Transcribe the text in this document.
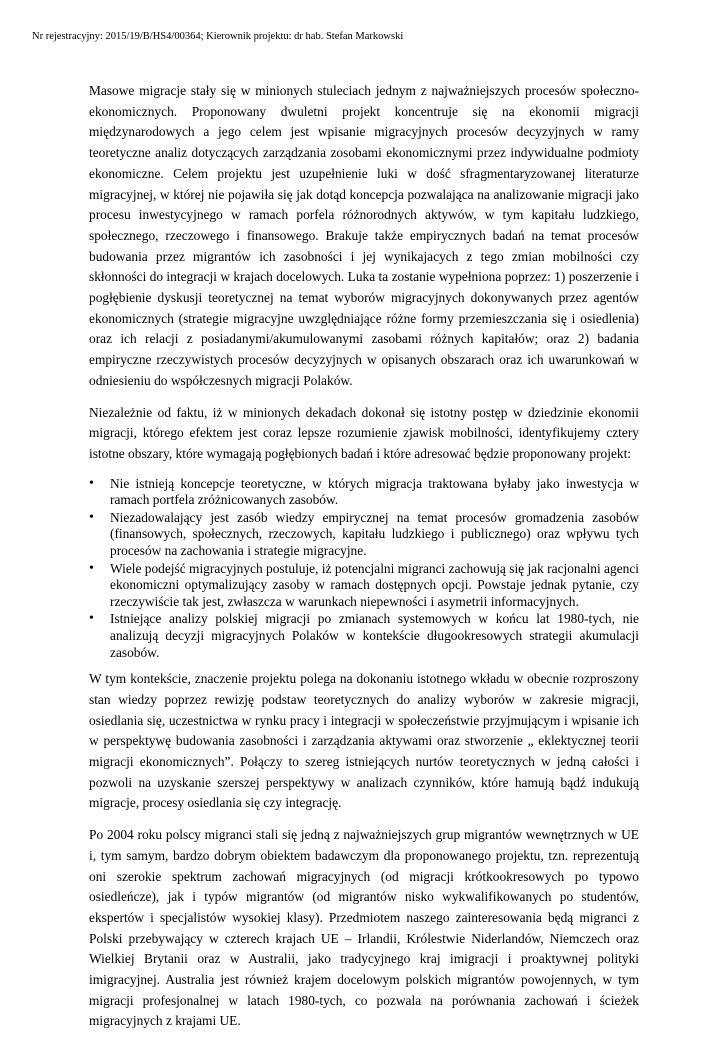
Nr rejestracyjny: 2015/19/B/HS4/00364; Kierownik projektu: dr hab. Stefan Markowski

Masowe migracje stały się w minionych stuleciach jednym z najważniejszych procesów społeczno-ekonomicznych. Proponowany dwuletni projekt koncentruje się na ekonomii migracji międzynarodowych a jego celem jest wpisanie migracyjnych procesów decyzyjnych w ramy teoretyczne analiz dotyczących zarządzania zosobami ekonomicznymi przez indywidualne podmioty ekonomiczne. Celem projektu jest uzupełnienie luki w dość sfragmentaryzowanej literaturze migracyjnej, w której nie pojawiła się jak dotąd koncepcja pozwalająca na analizowanie migracji jako procesu inwestycyjnego w ramach porfela różnorodnych aktywów, w tym kapitału ludzkiego, społecznego, rzeczowego i finansowego. Brakuje także empirycznych badań na temat procesów budowania przez migrantów ich zasobności i jej wynikajacych z tego zmian mobilności czy skłonności do integracji w krajach docelowych. Luka ta zostanie wypełniona poprzez: 1) poszerzenie i pogłębienie dyskusji teoretycznej na temat wyborów migracyjnych dokonywanych przez agentów ekonomicznych (strategie migracyjne uwzględniające różne formy przemieszczania się i osiedlenia) oraz ich relacji z posiadanymi/akumulowanymi zasobami różnych kapitałów; oraz 2) badania empiryczne rzeczywistych procesów decyzyjnych w opisanych obszarach oraz ich uwarunkowań w odniesieniu do współczesnych migracji Polaków.

Niezależnie od faktu, iż w minionych dekadach dokonał się istotny postęp w dziedzinie ekonomii migracji, którego efektem jest coraz lepsze rozumienie zjawisk mobilności, identyfikujemy cztery istotne obszary, które wymagają pogłębionych badań i które adresować będzie proponowany projekt:

• Nie istnieją koncepcje teoretyczne, w których migracja traktowana byłaby jako inwestycja w ramach portfela zróżnicowanych zasobów.
• Niezadowalający jest zasób wiedzy empirycznej na temat procesów gromadzenia zasobów (finansowych, społecznych, rzeczowych, kapitału ludzkiego i publicznego) oraz wpływu tych procesów na zachowania i strategie migracyjne.
• Wiele podejść migracyjnych postuluje, iż potencjalni migranci zachowują się jak racjonalni agenci ekonomiczni optymalizujący zasoby w ramach dostępnych opcji. Powstaje jednak pytanie, czy rzeczywiście tak jest, zwłaszcza w warunkach niepewności i asymetrii informacyjnych.
• Istniejące analizy polskiej migracji po zmianach systemowych w końcu lat 1980-tych, nie analizują decyzji migracyjnych Polaków w kontekście długookresowych strategii akumulacji zasobów.

W tym kontekście, znaczenie projektu polega na dokonaniu istotnego wkładu w obecnie rozproszony stan wiedzy poprzez rewizję podstaw teoretycznych do analizy wyborów w zakresie migracji, osiedlania się, uczestnictwa w rynku pracy i integracji w społeczeństwie przyjmującym i wpisanie ich w perspektywę budowania zasobności i zarządzania aktywami oraz stworzenie „ eklektycznej teorii migracji ekonomicznych”. Połączy to szereg istniejących nurtów teoretycznych w jedną całości i pozwoli na uzyskanie szerszej perspektywy w analizach czynników, które hamują bądź indukują migracje, procesy osiedlania się czy integrację.

Po 2004 roku polscy migranci stali się jedną z najważniejszych grup migrantów wewnętrznych w UE i, tym samym, bardzo dobrym obiektem badawczym dla proponowanego projektu, tzn. reprezentują oni szerokie spektrum zachowań migracyjnych (od migracji krótkookresowych po typowo osiedleńcze), jak i typów migrantów (od migrantów nisko wykwalifikowanych po studentów, ekspertów i specjalistów wysokiej klasy). Przedmiotem naszego zainteresowania będą migranci z Polski przebywający w czterech krajach UE – Irlandii, Królestwie Niderlandów, Niemczech oraz Wielkiej Brytanii oraz w Australii, jako tradycyjnego kraj imigracji i proaktywnej polityki imigracyjnej. Australia jest również krajem docelowym polskich migrantów powojennych, w tym migracji profesjonalnej w latach 1980-tych, co pozwala na porównania zachowań i ścieżek migracyjnych z krajami UE.
